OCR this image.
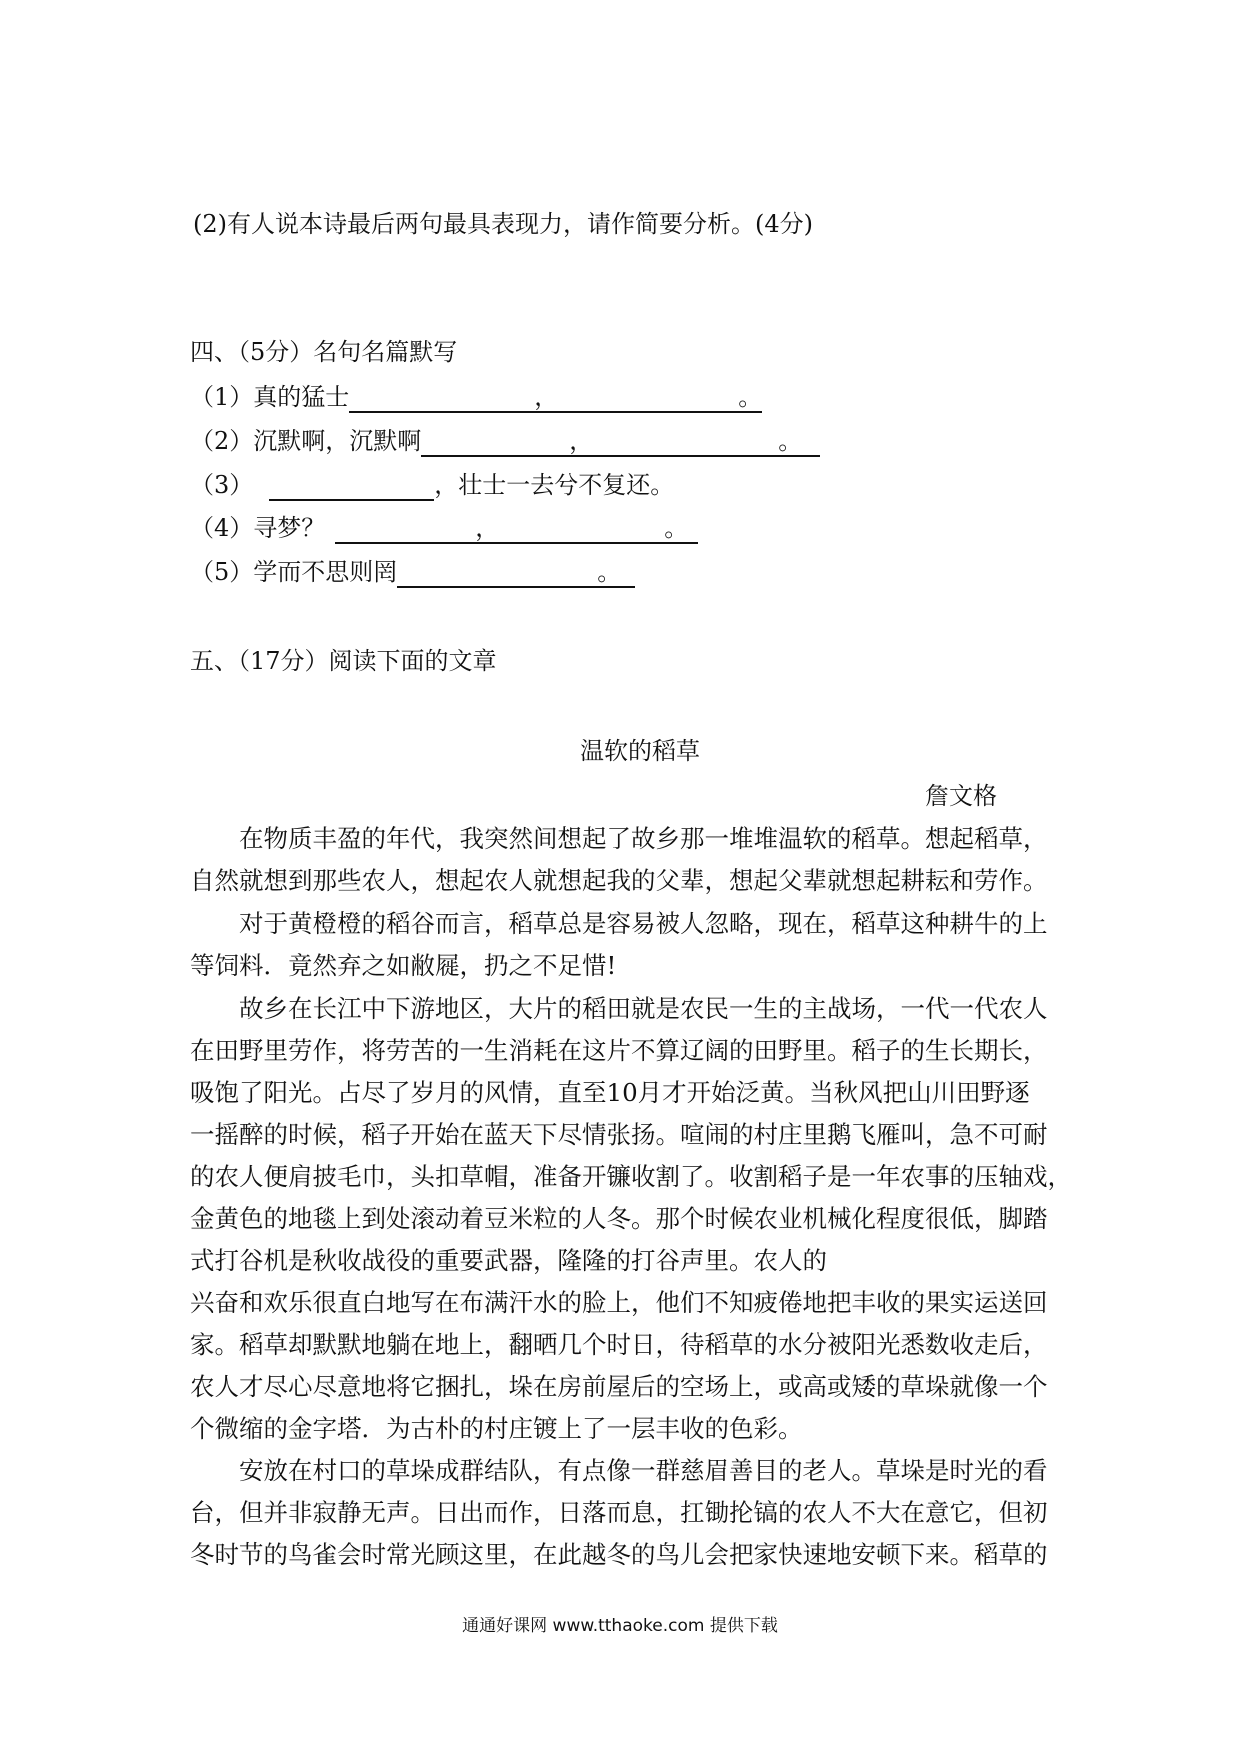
(2)有人说本诗最后两句最具表现力，请作简要分析。(4分)
四、（5分）名句名篇默写
（1）真的猛士	，	。
（2）沉默啊，沉默啊	，	。
（3）	，壮士一去兮不复还。
（4）寻梦？	，	。
（5）学而不思则罔	。
五、（17分）阅读下面的文章
温软的稻草
詹文格
在物质丰盈的年代，我突然间想起了故乡那一堆堆温软的稻草。想起稻草，
自然就想到那些农人，想起农人就想起我的父辈，想起父辈就想起耕耘和劳作。
对于黄橙橙的稻谷而言，稻草总是容易被人忽略，现在，稻草这种耕牛的上
等饲料．竟然弃之如敝屣，扔之不足惜!
故乡在长江中下游地区，大片的稻田就是农民一生的主战场，一代一代农人
在田野里劳作，将劳苦的一生消耗在这片不算辽阔的田野里。稻子的生长期长，
吸饱了阳光。占尽了岁月的风情，直至10月才开始泛黄。当秋风把山川田野逐
一摇醉的时候，稻子开始在蓝天下尽情张扬。喧闹的村庄里鹅飞雁叫，急不可耐
的农人便肩披毛巾，头扣草帽，准备开镰收割了。收割稻子是一年农事的压轴戏，
金黄色的地毯上到处滚动着豆米粒的人冬。那个时候农业机械化程度很低，脚踏
式打谷机是秋收战役的重要武器，隆隆的打谷声里。农人的
兴奋和欢乐很直白地写在布满汗水的脸上，他们不知疲倦地把丰收的果实运送回
家。稻草却默默地躺在地上，翻晒几个时日，待稻草的水分被阳光悉数收走后，
农人才尽心尽意地将它捆扎，垛在房前屋后的空场上，或高或矮的草垛就像一个
个微缩的金字塔．为古朴的村庄镀上了一层丰收的色彩。
安放在村口的草垛成群结队，有点像一群慈眉善目的老人。草垛是时光的看
台，但并非寂静无声。日出而作，日落而息，扛锄抡镐的农人不大在意它，但初
冬时节的鸟雀会时常光顾这里，在此越冬的鸟儿会把家快速地安顿下来。稻草的
通通好课网 www.tthaoke.com 提供下载
